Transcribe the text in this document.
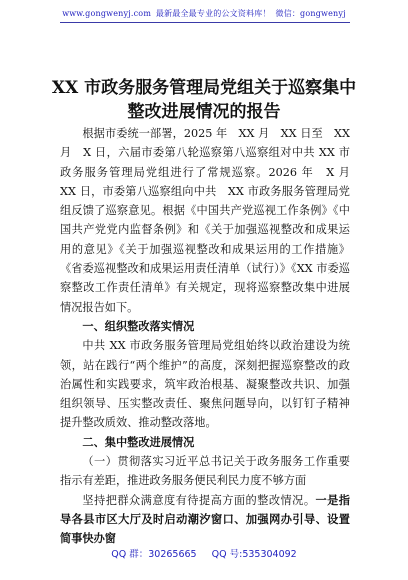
www.gongwenyj.com 最新最全最专业的公文资料库！ 微信：gongwenyj
XX 市政务服务管理局党组关于巡察集中
整改进展情况的报告

根据市委统一部署，2025 年　XX 月　XX 日至　XX 月　X 日，六届市委第八轮巡察第八巡察组对中共 XX 市政务服务管理局党组进行了常规巡察。2026 年　X 月　XX 日，市委第八巡察组向中共　XX 市政务服务管理局党组反馈了巡察意见。根据《中国共产党巡视工作条例》《中国共产党党内监督条例》和《关于加强巡视整改和成果运用的意见》《关于加强巡视整改和成果运用的工作措施》《省委巡视整改和成果运用责任清单（试行）》《XX 市委巡察整改工作责任清单》有关规定，现将巡察整改集中进展情况报告如下。

一、组织整改落实情况

中共 XX 市政务服务管理局党组始终以政治建设为统领，站在践行“两个维护”的高度，深刻把握巡察整改的政治属性和实践要求，筑牢政治根基、凝聚整改共识、加强组织领导、压实整改责任、聚焦问题导向，以钉钉子精神提升整改质效、推动整改落地。

二、集中整改进展情况

（一）贯彻落实习近平总书记关于政务服务工作重要指示有差距，推进政务服务便民利民力度不够方面

坚持把群众满意度有待提高方面的整改情况。一是指导各县市区大厅及时启动潮汐窗口、加强网办引导、设置简事快办窗

QQ 群：30265665 QQ 号:535304092
